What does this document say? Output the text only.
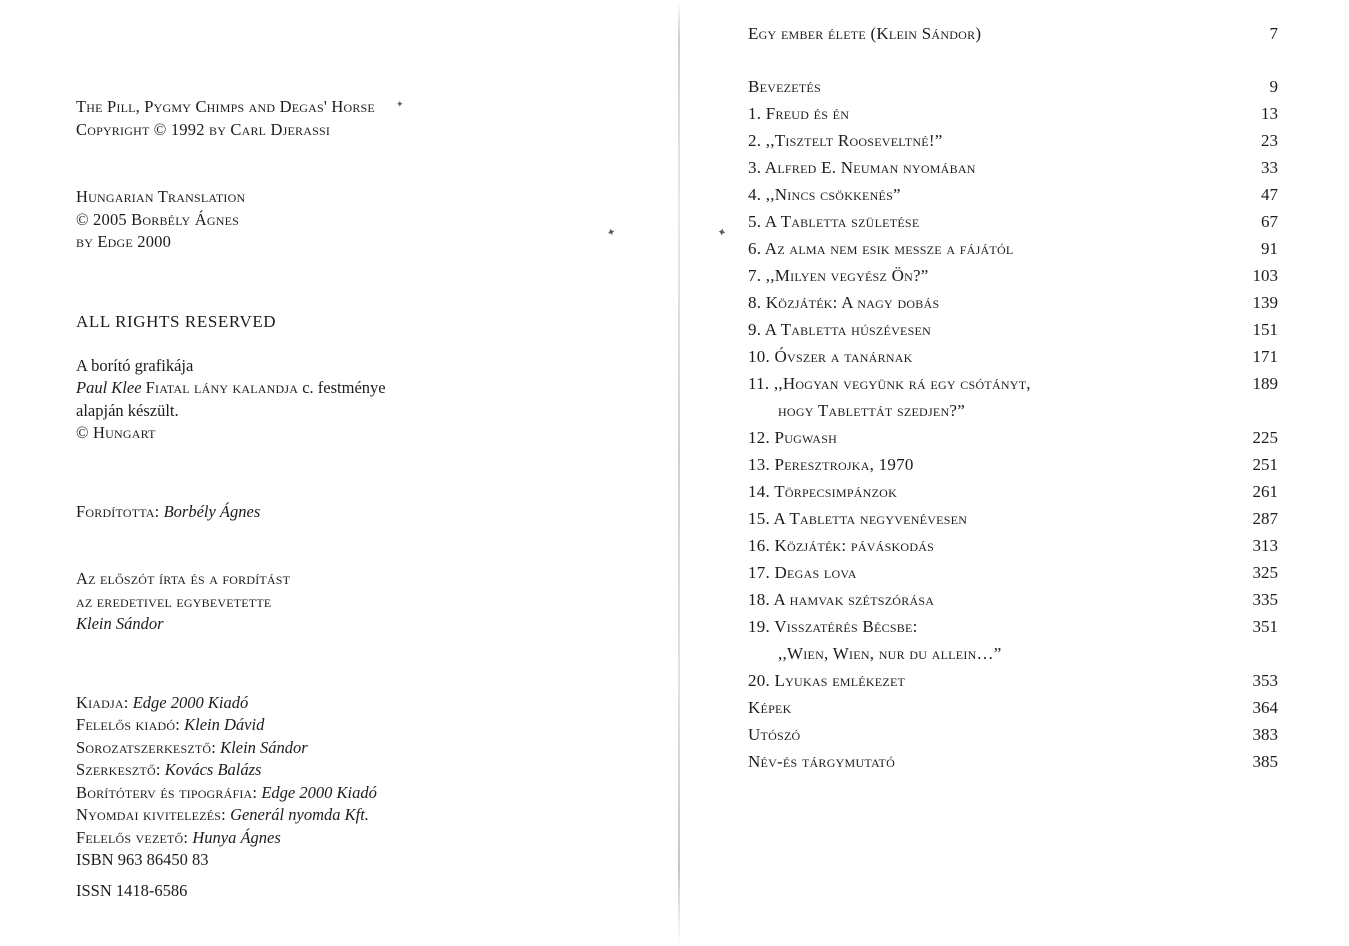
The Pill, Pygmy Chimps and Degas' Horse
Copyright © 1992 by Carl Djerassi
Hungarian Translation
© 2005 Borbély Ágnes
by Edge 2000
ALL RIGHTS RESERVED
A borító grafikája
Paul Klee Fiatal lány kalandja c. festménye
alapján készült.
© Hungart
Fordította: Borbély Ágnes
Az előszót írta és a fordítást
az eredetivel egybevetette
Klein Sándor
Kiadja: Edge 2000 Kiadó
Felelős kiadó: Klein Dávid
Sorozatszerkesztő: Klein Sándor
Szerkesztő: Kovács Balázs
Borítóterv és tipográfia: Edge 2000 Kiadó
Nyomdai kivitelezés: Generál nyomda Kft.
Felelős vezető: Hunya Ágnes
ISBN 963 86450 83
ISSN 1418-6586
✦
Egy ember élete (Klein Sándor)	7
Bevezetés	9
1. Freud és én	13
2. ,,Tisztelt Rooseveltné!”	23
3. Alfred E. Neuman nyomában	33
4. ,,Nincs csökkenés”	47
5. A Tabletta születése	67
6. Az alma nem esik messze a fájától	91
7. ,,Milyen vegyész Ön?”	103
8. Közjáték: A nagy dobás	139
9. A Tabletta húszévesen	151
10. Óvszer a tanárnak	171
11. ,,Hogyan vegyünk rá egy csótányt,	189
hogy Tablettát szedjen?”
12. Pugwash	225
13. Peresztrojka, 1970	251
14. Törpecsimpánzok	261
15. A Tabletta negyvenévesen	287
16. Közjáték: páváskodás	313
17. Degas lova	325
18. A hamvak szétszórása	335
19. Visszatérés Bécsbe:	351
,,Wien, Wien, nur du allein…”
20. Lyukas emlékezet	353
Képek	364
Utószó	383
Név-és tárgymutató	385
✦	✦
